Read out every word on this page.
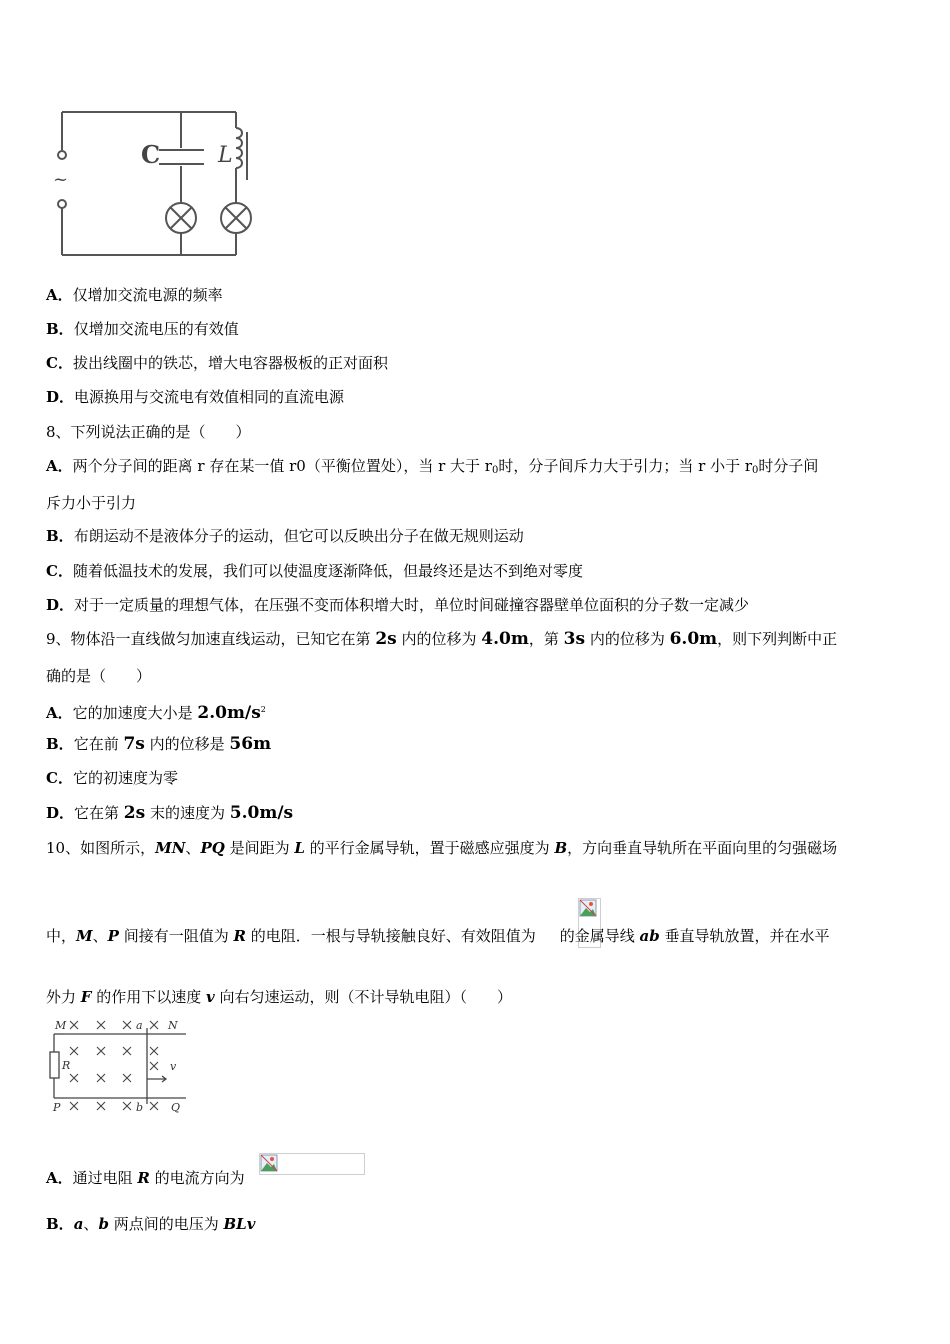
C	L
~
A．仅增加交流电源的频率
B．仅增加交流电压的有效值
C．拔出线圈中的铁芯，增大电容器极板的正对面积
D．电源换用与交流电有效值相同的直流电源
8、下列说法正确的是（　　）
A．两个分子间的距离 r 存在某一值 r0（平衡位置处），当 r 大于 $r_0$时，分子间斥力大于引力；当 r 小于 $r_0$时分子间
斥力小于引力
B．布朗运动不是液体分子的运动，但它可以反映出分子在做无规则运动
C．随着低温技术的发展，我们可以使温度逐渐降低，但最终还是达不到绝对零度
D．对于一定质量的理想气体，在压强不变而体积增大时，单位时间碰撞容器壁单位面积的分子数一定减少
9、物体沿一直线做匀加速直线运动，已知它在第 2s 内的位移为 4.0m，第 3s 内的位移为 6.0m，则下列判断中正
确的是（　　）
A．它的加速度大小是 $2.0m/s^2$
B．它在前 7s 内的位移是 56m
C．它的初速度为零
D．它在第 2s 末的速度为 5.0m/s
10、如图所示，MN、PQ 是间距为 L 的平行金属导轨，置于磁感应强度为 B，方向垂直导轨所在平面向里的匀强磁场
中，M、P 间接有一阻值为 R 的电阻．一根与导轨接触良好、有效阻值为 的金属导线 ab 垂直导轨放置，并在水平
外力 F 的作用下以速度 v 向右匀速运动，则（不计导轨电阻）（　　）
M	N
P	Q
a
b
R	v
A．通过电阻 R 的电流方向为
B．a、b 两点间的电压为 BLv
